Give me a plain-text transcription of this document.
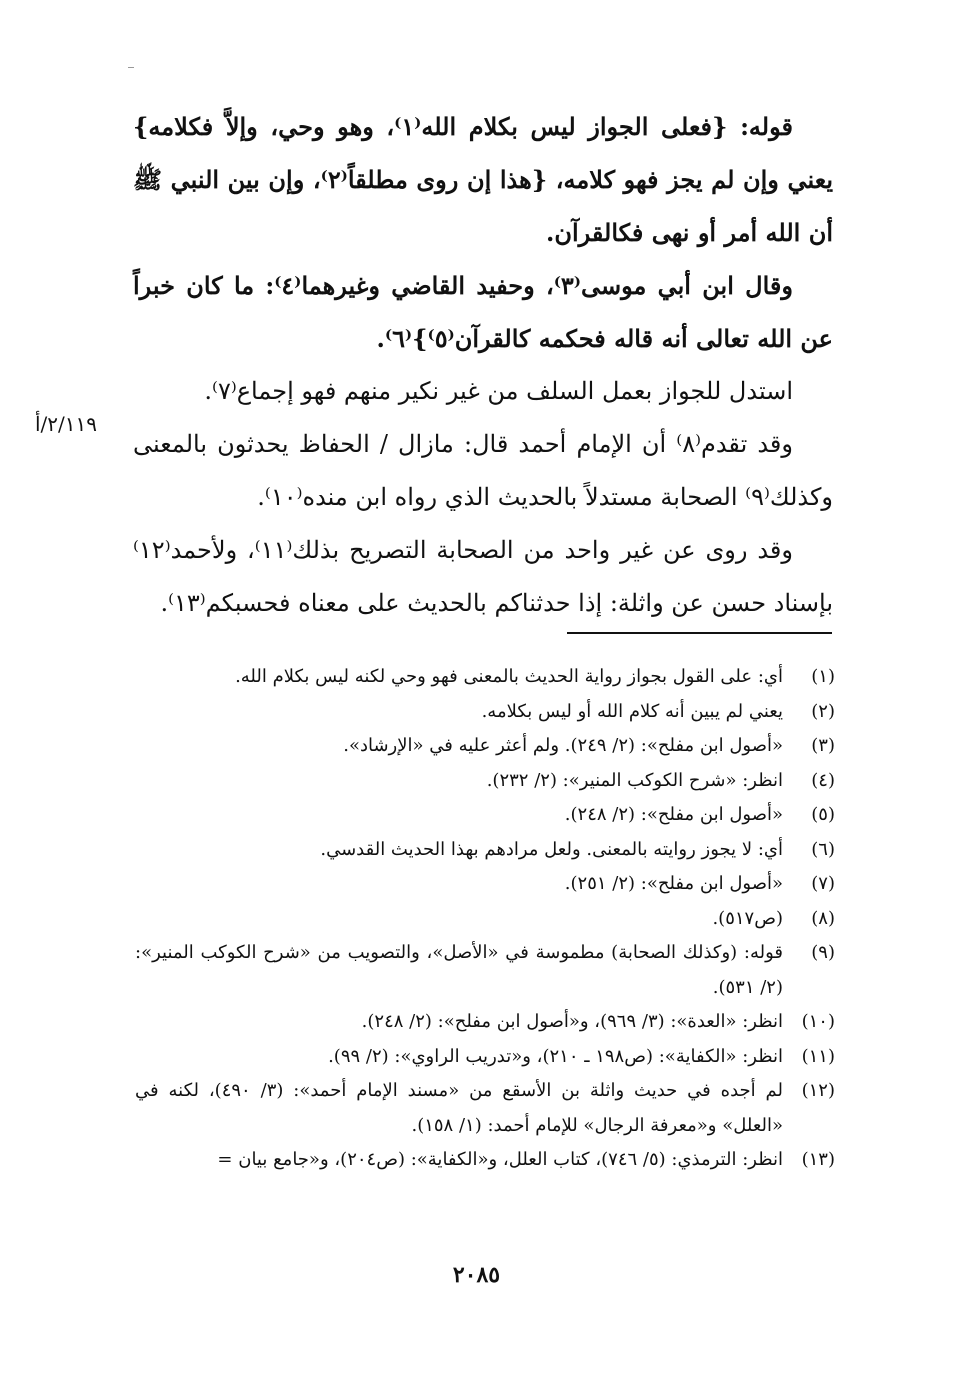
قوله: {فعلى الجواز ليس بكلام الله⁽١⁾، وهو وحي، وإلاَّ فكلامه} يعني وإن لم يجز فهو كلامه، {هذا إن روى مطلقاً⁽٢⁾، وإن بين النبي ﷺ أن الله أمر أو نهى فكالقرآن.

وقال ابن أبي موسى⁽٣⁾، وحفيد القاضي وغيرهما⁽٤⁾: ما كان خبراً عن الله تعالى أنه قاله فحكمه كالقرآن⁽٥⁾}⁽٦⁾.

استدل للجواز بعمل السلف من غير نكير منهم فهو إجماع⁽٧⁾.

وقد تقدم⁽٨⁾ أن الإمام أحمد قال: مازال / الحفاظ يحدثون بالمعنى وكذلك⁽٩⁾ الصحابة مستدلاً بالحديث الذي رواه ابن منده⁽١٠⁾.

وقد روى عن غير واحد من الصحابة التصريح بذلك⁽١١⁾، ولأحمد⁽١٢⁾ بإسناد حسن عن واثلة: إذا حدثناكم بالحديث على معناه فحسبكم⁽١٣⁾.

٢/١١٩/أ
(١)
أي: على القول بجواز رواية الحديث بالمعنى فهو وحي لكنه ليس بكلام الله.
(٢)
يعني لم يبين أنه كلام الله أو ليس بكلامه.
(٣)
«أصول ابن مفلح»: (٢/ ٢٤٩). ولم أعثر عليه في «الإرشاد».
(٤)
انظر: «شرح الكوكب المنير»: (٢/ ٢٣٢).
(٥)
«أصول ابن مفلح»: (٢/ ٢٤٨).
(٦)
أي: لا يجوز روايته بالمعنى. ولعل مرادهم بهذا الحديث القدسي.
(٧)
«أصول ابن مفلح»: (٢/ ٢٥١).
(٨)
(ص٥١٧).
(٩)
قوله: (وكذلك الصحابة) مطموسة في «الأصل»، والتصويب من «شرح الكوكب المنير»: (٢/ ٥٣١).
(١٠)
انظر: «العدة»: (٣/ ٩٦٩)، و«أصول ابن مفلح»: (٢/ ٢٤٨).
(١١)
انظر: «الكفاية»: (ص١٩٨ ـ ٢١٠)، و«تدريب الراوي»: (٢/ ٩٩).
(١٢)
لم أجده في حديث واثلة بن الأسقع من «مسند الإمام أحمد»: (٣/ ٤٩٠)، لكنه في «العلل» و«معرفة الرجال» للإمام أحمد: (١/ ١٥٨).
(١٣)
انظر: الترمذي: (٥/ ٧٤٦)، كتاب العلل، و«الكفاية»: (ص٢٠٤)، و«جامع بيان =
٢٠٨٥
